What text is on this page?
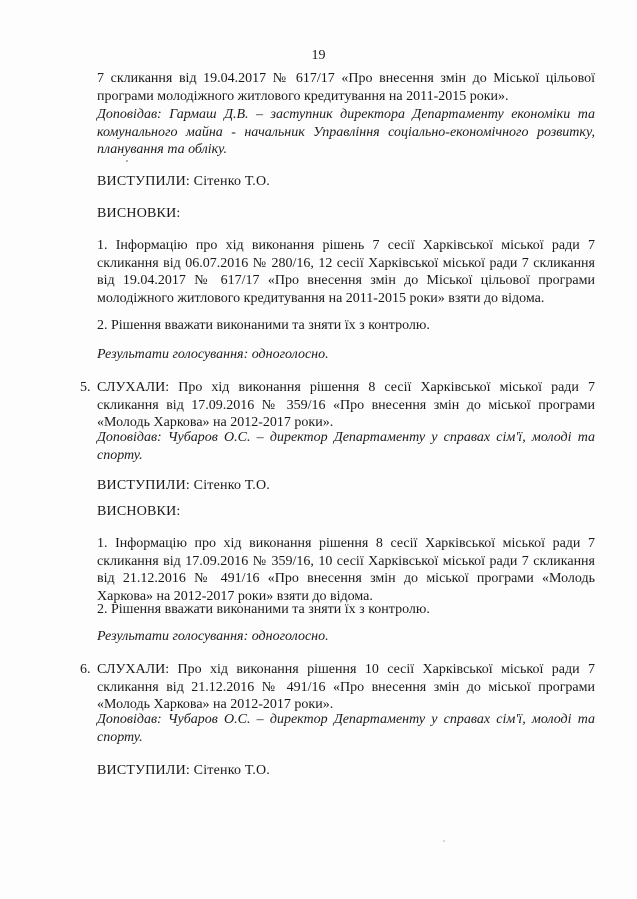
19
7 скликання від 19.04.2017 № 617/17 «Про внесення змін до Міської цільової програми молодіжного житлового кредитування на 2011-2015 роки».
Доповідав: Гармаш Д.В. – заступник директора Департаменту економіки та комунального майна - начальник Управління соціально-економічного розвитку, планування та обліку.
ВИСТУПИЛИ: Сітенко Т.О.
ВИСНОВКИ:
1. Інформацію про хід виконання рішень 7 сесії Харківської міської ради 7 скликання від 06.07.2016 № 280/16, 12 сесії Харківської міської ради 7 скликання від 19.04.2017 № 617/17 «Про внесення змін до Міської цільової програми молодіжного житлового кредитування на 2011-2015 роки» взяти до відома.
2. Рішення вважати виконаними та зняти їх з контролю.
Результати голосування: одноголосно.
5. СЛУХАЛИ: Про хід виконання рішення 8 сесії Харківської міської ради 7 скликання від 17.09.2016 № 359/16 «Про внесення змін до міської програми «Молодь Харкова» на 2012-2017 роки».
Доповідав: Чубаров О.С. – директор Департаменту у справах сім'ї, молоді та спорту.
ВИСТУПИЛИ: Сітенко Т.О.
ВИСНОВКИ:
1. Інформацію про хід виконання рішення 8 сесії Харківської міської ради 7 скликання від 17.09.2016 № 359/16, 10 сесії Харківської міської ради 7 скликання від 21.12.2016 № 491/16 «Про внесення змін до міської програми «Молодь Харкова» на 2012-2017 роки» взяти до відома.
2. Рішення вважати виконаними та зняти їх з контролю.
Результати голосування: одноголосно.
6. СЛУХАЛИ: Про хід виконання рішення 10 сесії Харківської міської ради 7 скликання від 21.12.2016 № 491/16 «Про внесення змін до міської програми «Молодь Харкова» на 2012-2017 роки».
Доповідав: Чубаров О.С. – директор Департаменту у справах сім'ї, молоді та спорту.
ВИСТУПИЛИ: Сітенко Т.О.
